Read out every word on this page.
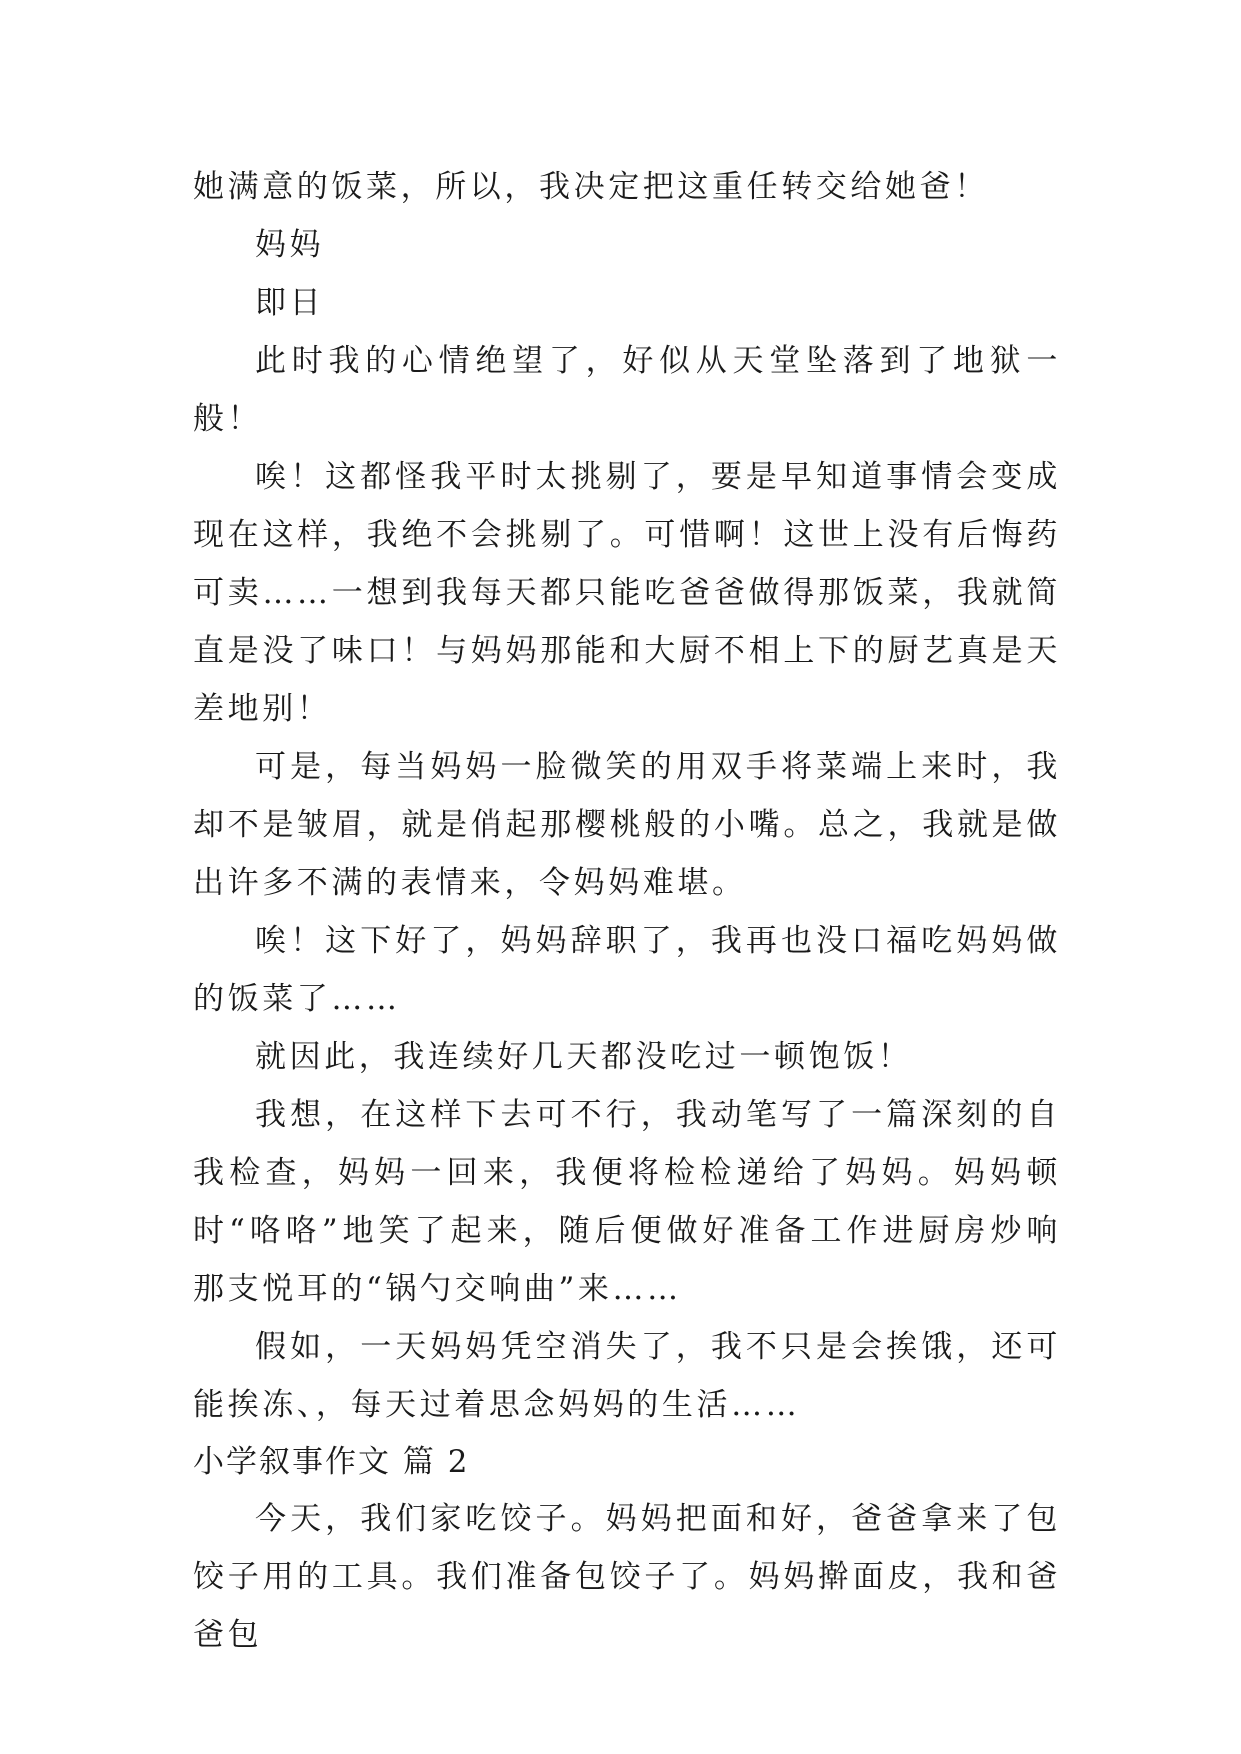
她满意的饭菜，所以，我决定把这重任转交给她爸！

妈妈

即日

此时我的心情绝望了，好似从天堂坠落到了地狱一般！

唉！这都怪我平时太挑剔了，要是早知道事情会变成现在这样，我绝不会挑剔了。可惜啊！这世上没有后悔药可卖……一想到我每天都只能吃爸爸做得那饭菜，我就简直是没了味口！与妈妈那能和大厨不相上下的厨艺真是天差地别！

可是，每当妈妈一脸微笑的用双手将菜端上来时，我却不是皱眉，就是俏起那樱桃般的小嘴。总之，我就是做出许多不满的表情来，令妈妈难堪。

唉！这下好了，妈妈辞职了，我再也没口福吃妈妈做的饭菜了……

就因此，我连续好几天都没吃过一顿饱饭！

我想，在这样下去可不行，我动笔写了一篇深刻的自我检查，妈妈一回来，我便将检检递给了妈妈。妈妈顿时“咯咯”地笑了起来，随后便做好准备工作进厨房炒响那支悦耳的“锅勺交响曲”来……

假如，一天妈妈凭空消失了，我不只是会挨饿，还可能挨冻、，每天过着思念妈妈的生活……

小学叙事作文 篇 2

今天，我们家吃饺子。妈妈把面和好，爸爸拿来了包饺子用的工具。我们准备包饺子了。妈妈擀面皮，我和爸爸包
